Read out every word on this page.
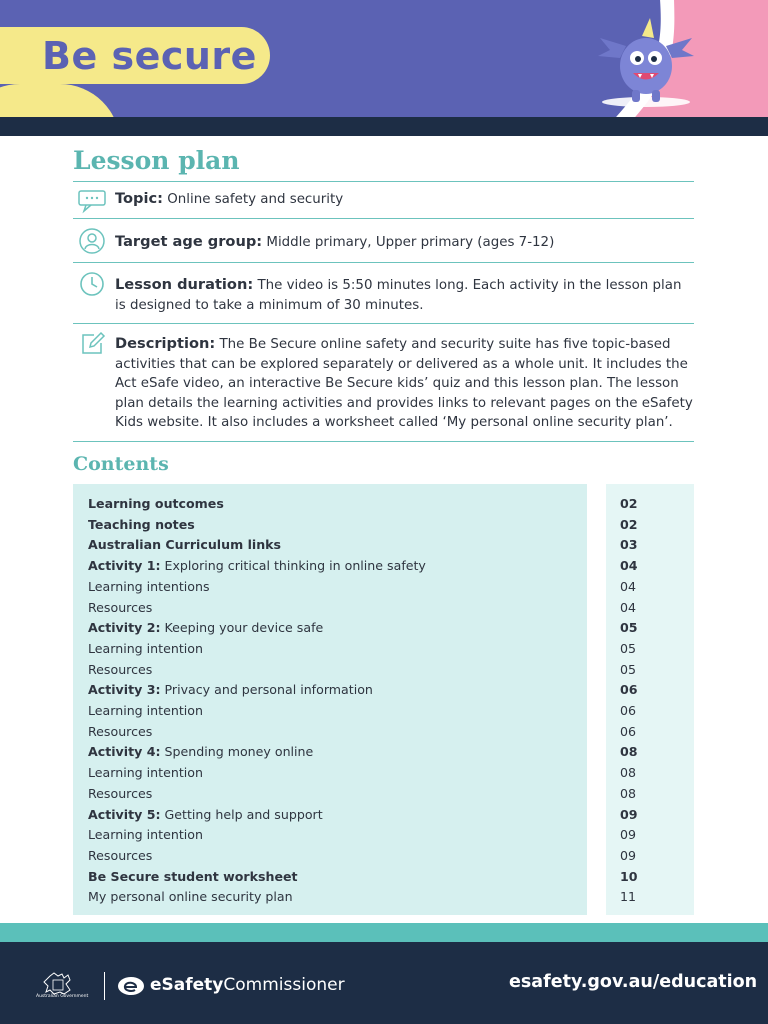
Be secure
Lesson plan
Topic: Online safety and security
Target age group: Middle primary, Upper primary (ages 7-12)
Lesson duration: The video is 5:50 minutes long. Each activity in the lesson plan is designed to take a minimum of 30 minutes.
Description: The Be Secure online safety and security suite has five topic-based activities that can be explored separately or delivered as a whole unit. It includes the Act eSafe video, an interactive Be Secure kids’ quiz and this lesson plan. The lesson plan details the learning activities and provides links to relevant pages on the eSafety Kids website. It also includes a worksheet called ‘My personal online security plan’.
Contents
Learning outcomes	02
Teaching notes	02
Australian Curriculum links	03
Activity 1: Exploring critical thinking in online safety	04
Learning intentions	04
Resources	04
Activity 2: Keeping your device safe	05
Learning intention	05
Resources	05
Activity 3: Privacy and personal information	06
Learning intention	06
Resources	06
Activity 4: Spending money online	08
Learning intention	08
Resources	08
Activity 5: Getting help and support	09
Learning intention	09
Resources	09
Be Secure student worksheet	10
My personal online security plan	11
Australian Government
eSafetyCommissioner	esafety.gov.au/education
